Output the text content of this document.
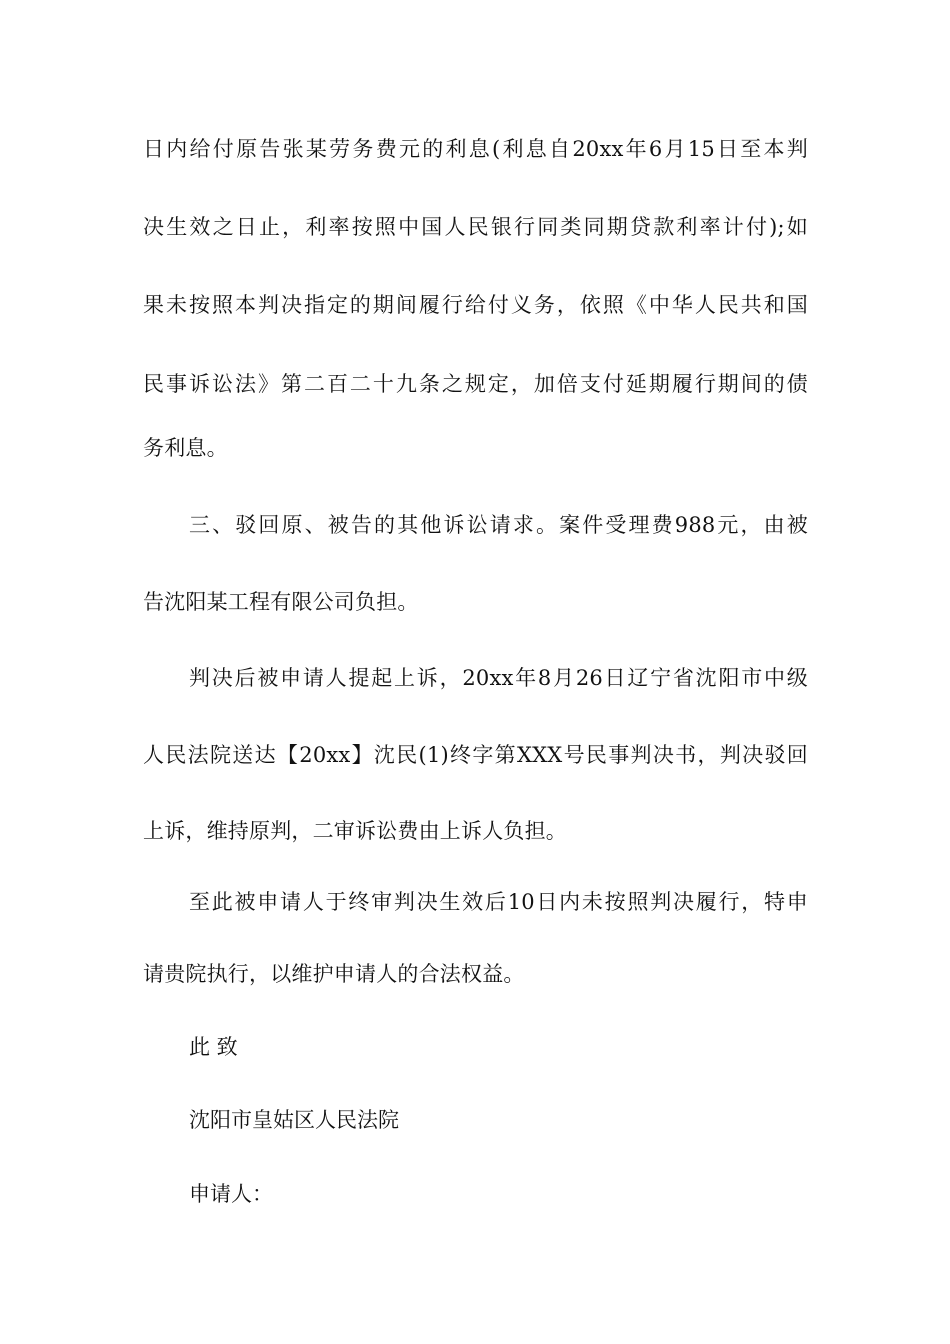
日内给付原告张某劳务费元的利息(利息自20xx年6月15日至本判
决生效之日止，利率按照中国人民银行同类同期贷款利率计付);如
果未按照本判决指定的期间履行给付义务，依照《中华人民共和国
民事诉讼法》第二百二十九条之规定，加倍支付延期履行期间的债
务利息。
三、驳回原、被告的其他诉讼请求。案件受理费988元，由被
告沈阳某工程有限公司负担。
判决后被申请人提起上诉，20xx年8月26日辽宁省沈阳市中级
人民法院送达【20xx】沈民(1)终字第XXX号民事判决书，判决驳回
上诉，维持原判，二审诉讼费由上诉人负担。
至此被申请人于终审判决生效后10日内未按照判决履行，特申
请贵院执行，以维护申请人的合法权益。
此 致
沈阳市皇姑区人民法院
申请人：
